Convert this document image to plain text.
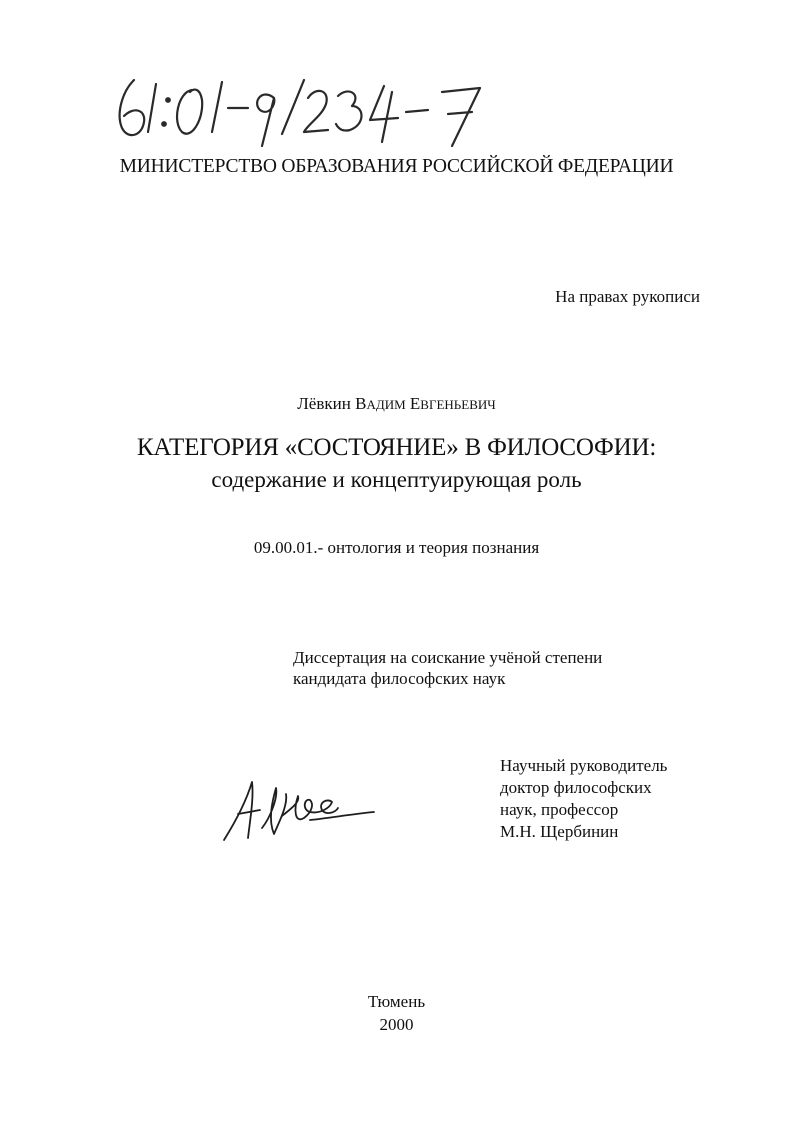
МИНИСТЕРСТВО ОБРАЗОВАНИЯ РОССИЙСКОЙ ФЕДЕРАЦИИ
На правах рукописи
Лёвкин ВАДИМ ЕВГЕНЬЕВИЧ
КАТЕГОРИЯ «СОСТОЯНИЕ» В ФИЛОСОФИИ:
содержание и концептуирующая роль
09.00.01.- онтология и теория познания
Диссертация на соискание учёной степени
кандидата философских наук
Научный руководитель
доктор философских
наук, профессор
М.Н. Щербинин
Тюмень
2000
